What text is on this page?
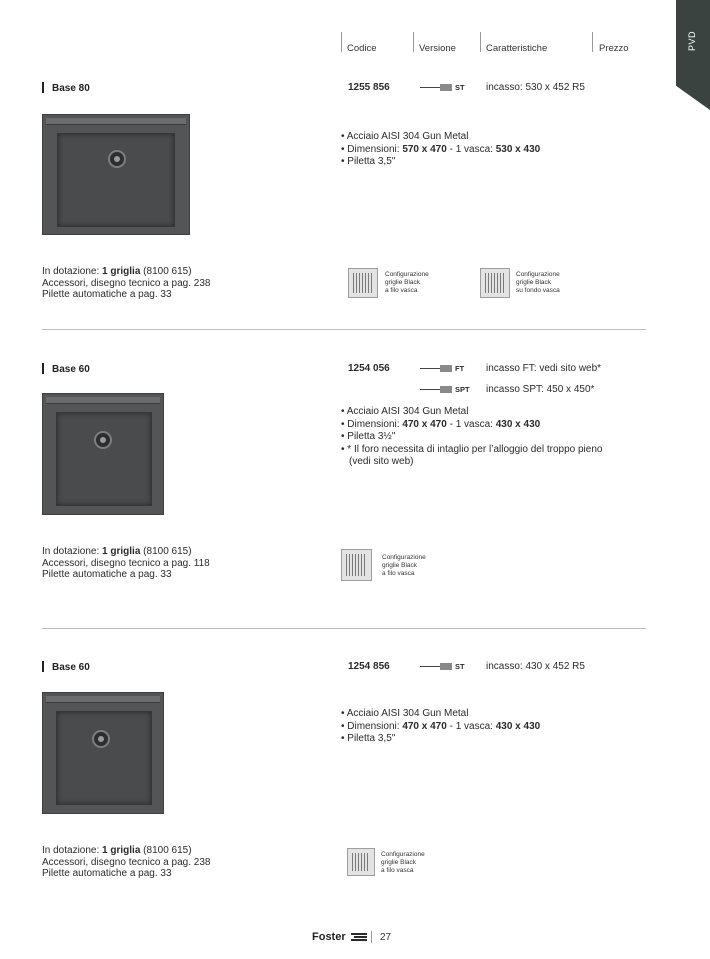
PVD
Codice	Versione	Caratteristiche	Prezzo
Base 80	1255 856	ST incasso: 530 x 452 R5
• Acciaio AISI 304 Gun Metal
• Dimensioni: 570 x 470 - 1 vasca: 530 x 430
• Piletta 3,5''
In dotazione: 1 griglia (8100 615)
Accessori, disegno tecnico a pag. 238
Pilette automatiche a pag. 33
Configurazione
griglie Black
a filo vasca
Configurazione
griglie Black
su fondo vasca
Base 60	1254 056	FT incasso FT: vedi sito web*
SPT incasso SPT: 450 x 450*
• Acciaio AISI 304 Gun Metal
• Dimensioni: 470 x 470 - 1 vasca: 430 x 430
• Piletta 3½''
• * Il foro necessita di intaglio per l’alloggio del troppo pieno
(vedi sito web)
In dotazione: 1 griglia (8100 615)
Accessori, disegno tecnico a pag. 118
Pilette automatiche a pag. 33
Configurazione
griglie Black
a filo vasca
Base 60	1254 856	ST incasso: 430 x 452 R5
• Acciaio AISI 304 Gun Metal
• Dimensioni: 470 x 470 - 1 vasca: 430 x 430
• Piletta 3,5''
In dotazione: 1 griglia (8100 615)
Accessori, disegno tecnico a pag. 238
Pilette automatiche a pag. 33
Configurazione
griglie Black
a filo vasca
Foster	27
